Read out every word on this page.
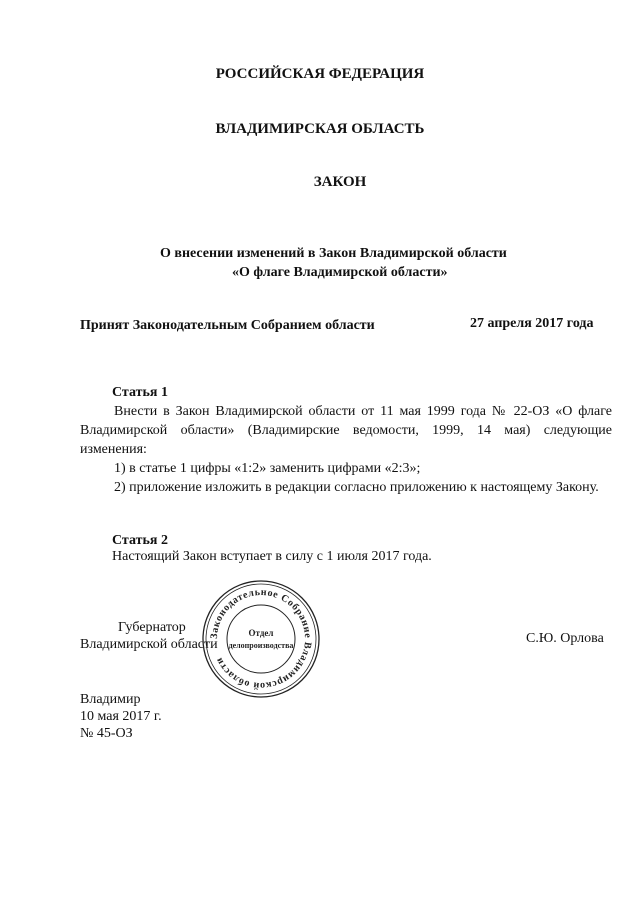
РОССИЙСКАЯ ФЕДЕРАЦИЯ
ВЛАДИМИРСКАЯ ОБЛАСТЬ
ЗАКОН
О внесении изменений в Закон Владимирской области
«О флаге Владимирской области»
Принят Законодательным Собранием области	27 апреля 2017 года
Статья 1
Внести в Закон Владимирской области от 11 мая 1999 года № 22-ОЗ «О флаге Владимирской области» (Владимирские ведомости, 1999, 14 мая) следующие изменения:
1) в статье 1 цифры «1:2» заменить цифрами «2:3»;
2) приложение изложить в редакции согласно приложению к настоящему Закону.
Статья 2
Настоящий Закон вступает в силу с 1 июля 2017 года.
Губернатор
Владимирской области	С.Ю. Орлова
Законодательное Собрание Владимирской области
Отдел
делопроизводства
Владимир
10 мая 2017 г.
№ 45-ОЗ
